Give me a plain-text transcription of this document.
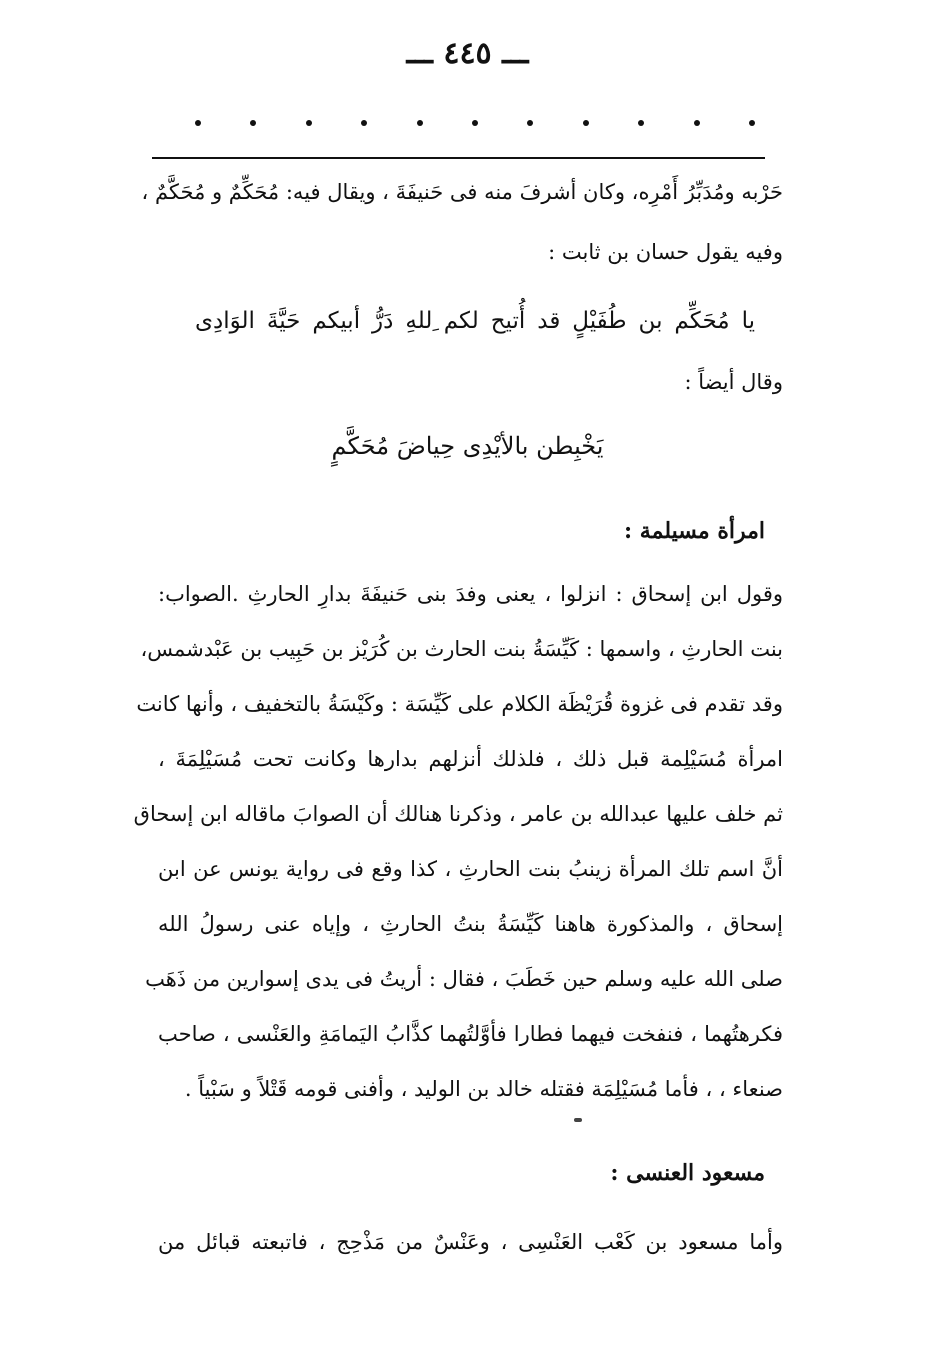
ـــ ٤٤٥ ـــ
حَرْبه ومُدَبِّرُ أَمْرِه، وكان أشرفَ منه فى حَنيفَةَ ، ويقال فيه: مُحَكِّمٌ و مُحَكَّمٌ ،
وفيه يقول حسان بن ثابت :
يا مُحَكِّم بن طُفَيْلٍ قد أُتيح لكم ِللهِ دَرُّ أبيكم حَيَّةَ الوَادِى
وقال أيضاً :
يَخْبِطن بالأيْدِى حِياضَ مُحَكَّمٍ
امرأة مسيلمة :
وقول ابن إسحاق : انزلوا ، يعنى وفدَ بنى حَنيفَةَ بدارِ الحارثِ .الصواب:
بنت الحارثِ ، واسمها : كَيِّسَةُ بنت الحارث بن كُرَيْز بن حَبِيب بن عَبْدشمس،
وقد تقدم فى غزوة قُرَيْظَة الكلام على كَيِّسَة : وكَيْسَةُ بالتخفيف ، وأنها كانت
امرأة مُسَيْلِمة قبل ذلك ، فلذلك أنزلهم بدارها وكانت تحت مُسَيْلِمَةَ ،
ثم خلف عليها عبدالله بن عامر ، وذكرنا هنالك أن الصوابَ ماقاله ابن إسحاق
أنَّ اسم تلك المرأة زينبُ بنت الحارثِ ، كذا وقع فى رواية يونس عن ابن
إسحاق ، والمذكورة هاهنا كَيِّسَةُ بنتُ الحارثِ ، وإياه عنى رسولُ الله
صلى الله عليه وسلم حين خَطَبَ ، فقال : أريتُ فى يدى إسوارين من ذَهَب
فكرهتُهما ، فنفخت فيهما فطارا فأوَّلتُهما كذَّابُ اليَمامَةِ والعَنْسى ، صاحب
صنعاء ، ، فأما مُسَيْلِمَة فقتله خالد بن الوليد ، وأفنى قومه قَتْلاً و سَبْياً .
مسعود العنسى :
وأما مسعود بن كَعْب العَنْسِى ، وعَنْسٌ من مَذْحِج ، فاتبعته قبائل من
